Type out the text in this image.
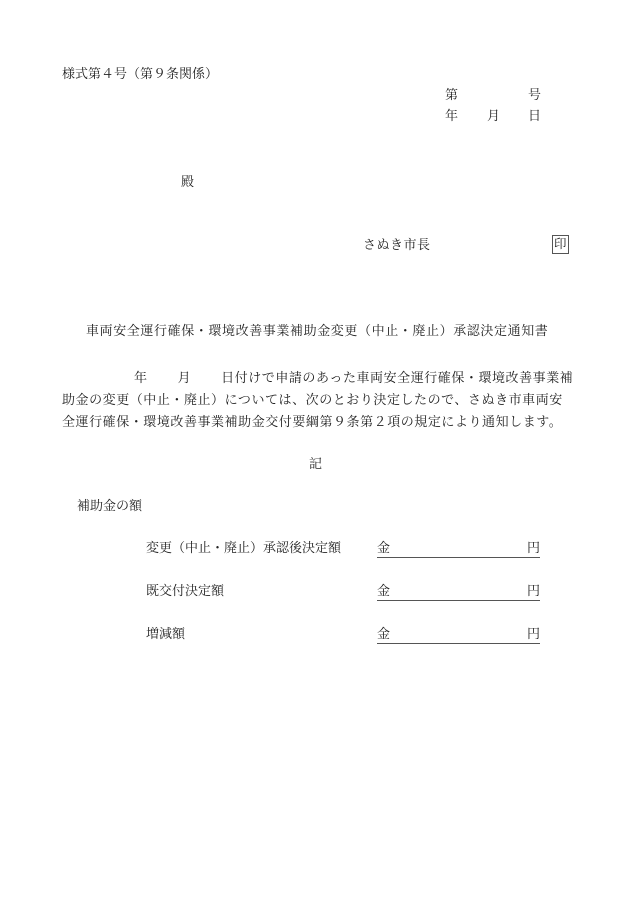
様式第４号（第９条関係）
第	号
年 月 日
殿
さぬき市長	印
車両安全運行確保・環境改善事業補助金変更（中止・廃止）承認決定通知書
年 月 日付けで申請のあった車両安全運行確保・環境改善事業補
助金の変更（中止・廃止）については、次のとおり決定したので、さぬき市車両安
全運行確保・環境改善事業補助金交付要綱第９条第２項の規定により通知します。
記
補助金の額
変更（中止・廃止）承認後決定額	金	円
既交付決定額	金	円
増減額	金	円
